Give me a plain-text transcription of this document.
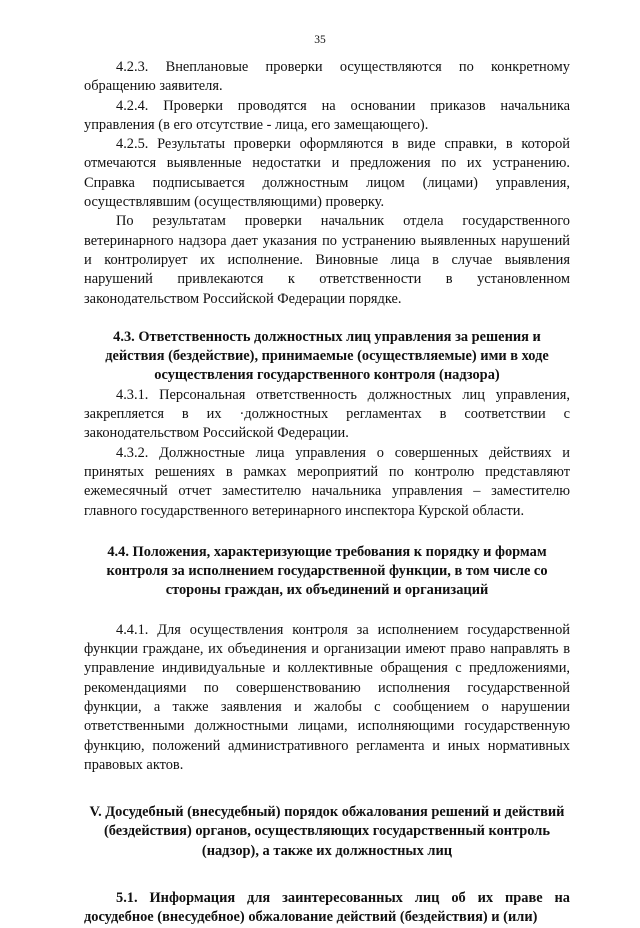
35

4.2.3. Внеплановые проверки осуществляются по конкретному обращению заявителя.

4.2.4. Проверки проводятся на основании приказов начальника управления (в его отсутствие - лица, его замещающего).

4.2.5. Результаты проверки оформляются в виде справки, в которой отмечаются выявленные недостатки и предложения по их устранению. Справка подписывается должностным лицом (лицами) управления, осуществлявшим (осуществляющими) проверку.

По результатам проверки начальник отдела государственного ветеринарного надзора дает указания по устранению выявленных нарушений и контролирует их исполнение. Виновные лица в случае выявления нарушений привлекаются к ответственности в установленном законодательством Российской Федерации порядке.

4.3. Ответственность должностных лиц управления за решения и действия (бездействие), принимаемые (осуществляемые) ими в ходе осуществления государственного контроля (надзора)

4.3.1. Персональная ответственность должностных лиц управления, закрепляется в их ·должностных регламентах в соответствии с законодательством Российской Федерации.

4.3.2. Должностные лица управления о совершенных действиях и принятых решениях в рамках мероприятий по контролю представляют ежемесячный отчет заместителю начальника управления – заместителю главного государственного ветеринарного инспектора Курской области.

4.4. Положения, характеризующие требования к порядку и формам контроля за исполнением государственной функции, в том числе со стороны граждан, их объединений и организаций

4.4.1. Для осуществления контроля за исполнением государственной функции граждане, их объединения и организации имеют право направлять в управление индивидуальные и коллективные обращения с предложениями, рекомендациями по совершенствованию исполнения государственной функции, а также заявления и жалобы с сообщением о нарушении ответственными должностными лицами, исполняющими государственную функцию, положений административного регламента и иных нормативных правовых актов.

V. Досудебный (внесудебный) порядок обжалования решений и действий (бездействия) органов, осуществляющих государственный контроль (надзор), а также их должностных лиц
5.1. Информация для заинтересованных лиц об их праве на досудебное (внесудебное) обжалование действий (бездействия) и (или)
